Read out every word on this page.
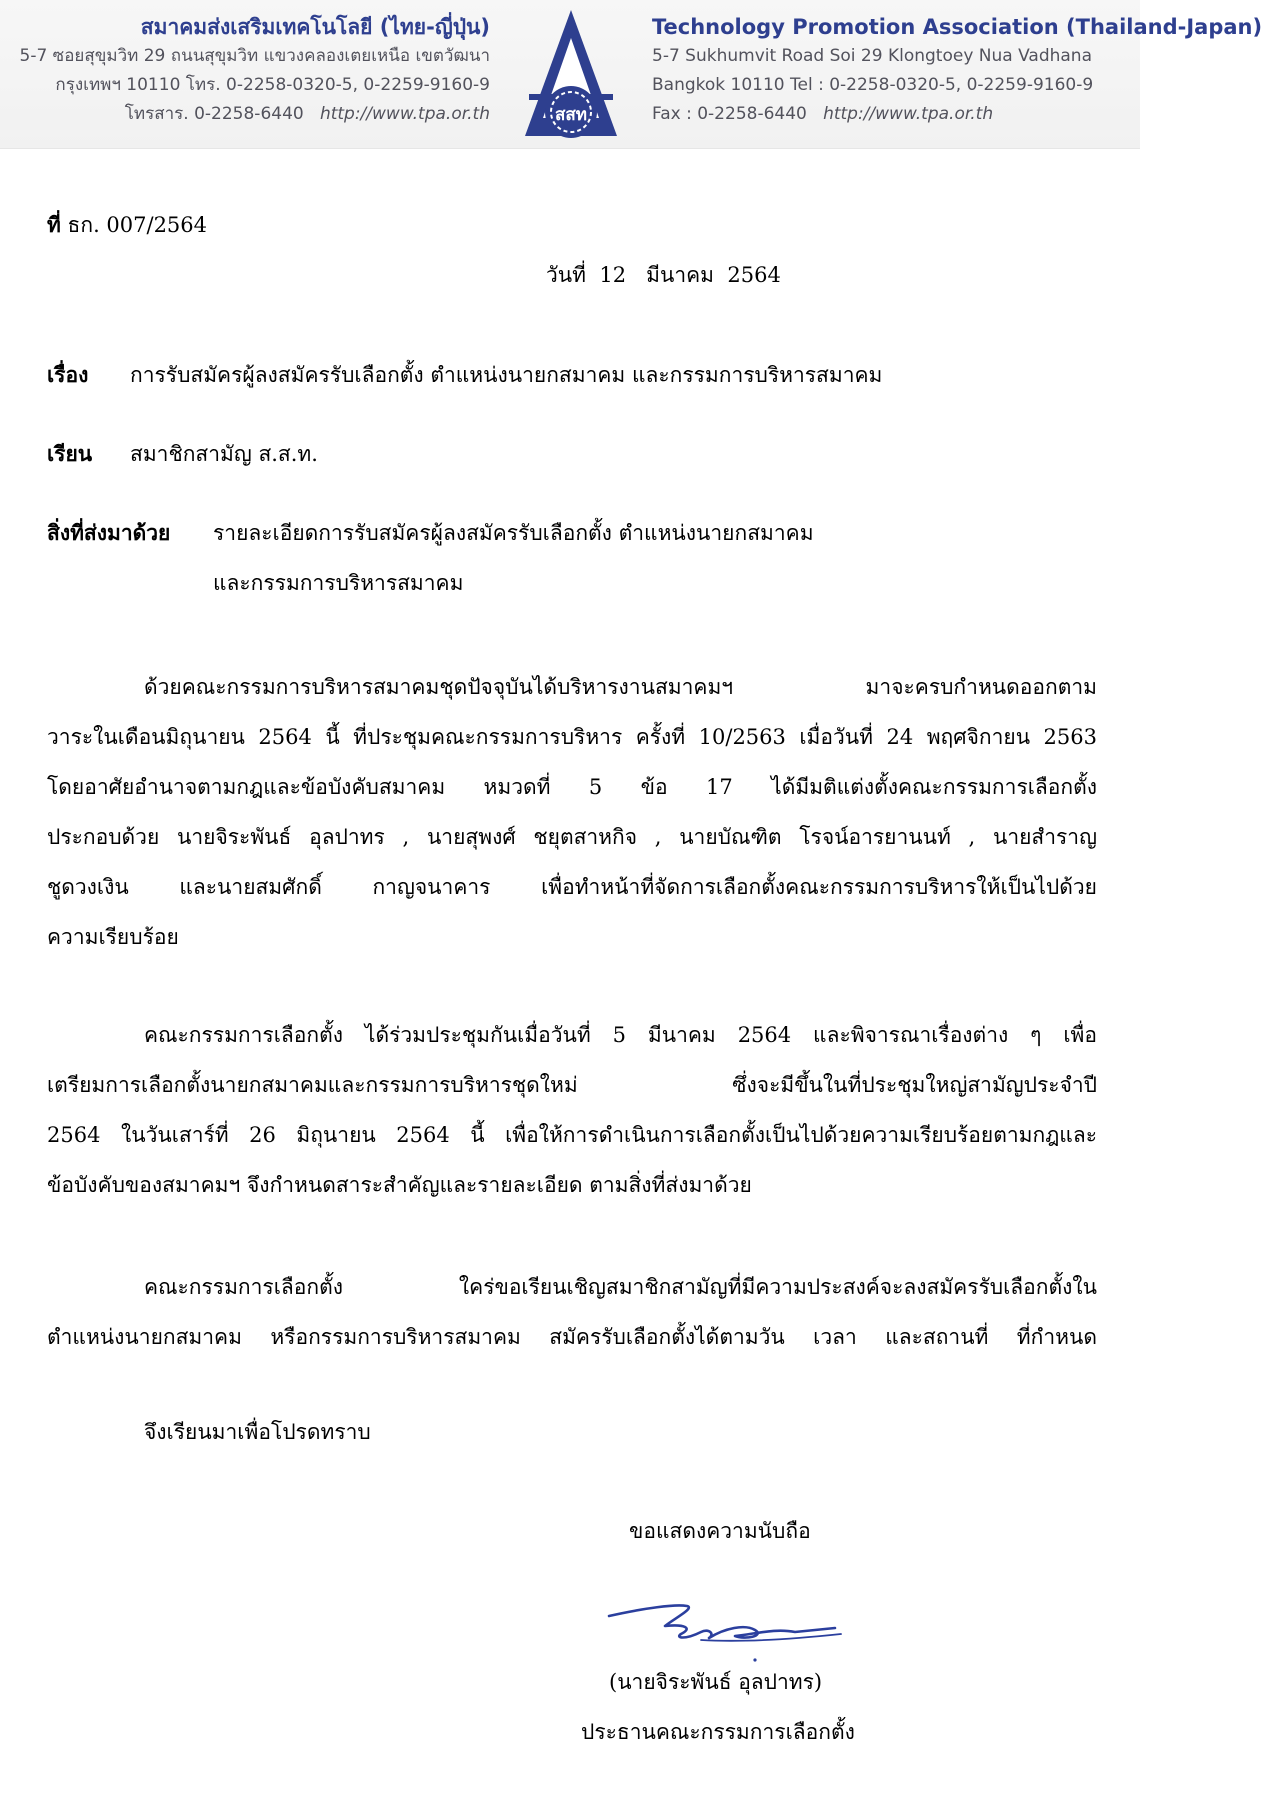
สมาคมส่งเสริมเทคโนโลยี (ไทย-ญี่ปุ่น)
5-7 ซอยสุขุมวิท 29 ถนนสุขุมวิท แขวงคลองเตยเหนือ เขตวัฒนา
กรุงเทพฯ 10110 โทร. 0-2258-0320-5, 0-2259-9160-9
โทรสาร. 0-2258-6440 http://www.tpa.or.th	สสท
Technology Promotion Association (Thailand-Japan)
5-7 Sukhumvit Road Soi 29 Klongtoey Nua Vadhana
Bangkok 10110 Tel : 0-2258-0320-5, 0-2259-9160-9
Fax : 0-2258-6440 http://www.tpa.or.th
ที่ ธก. 007/2564
วันที่ 12 มีนาคม 2564
เรื่อง การรับสมัครผู้ลงสมัครรับเลือกตั้ง ตำแหน่งนายกสมาคม และกรรมการบริหารสมาคม
เรียน สมาชิกสามัญ ส.ส.ท.
สิ่งที่ส่งมาด้วย รายละเอียดการรับสมัครผู้ลงสมัครรับเลือกตั้ง ตำแหน่งนายกสมาคม
และกรรมการบริหารสมาคม
ด้วยคณะกรรมการบริหารสมาคมชุดปัจจุบันได้บริหารงานสมาคมฯ มาจะครบกำหนดออกตาม
วาระในเดือนมิถุนายน 2564 นี้ ที่ประชุมคณะกรรมการบริหาร ครั้งที่ 10/2563 เมื่อวันที่ 24 พฤศจิกายน 2563
โดยอาศัยอำนาจตามกฎและข้อบังคับสมาคม หมวดที่ 5 ข้อ 17 ได้มีมติแต่งตั้งคณะกรรมการเลือกตั้ง
ประกอบด้วย นายจิระพันธ์ อุลปาทร , นายสุพงศ์ ชยุตสาหกิจ , นายบัณฑิต โรจน์อารยานนท์ , นายสำราญ
ชูดวงเงิน และนายสมศักดิ์ กาญจนาคาร เพื่อทำหน้าที่จัดการเลือกตั้งคณะกรรมการบริหารให้เป็นไปด้วย
ความเรียบร้อย
คณะกรรมการเลือกตั้ง ได้ร่วมประชุมกันเมื่อวันที่ 5 มีนาคม 2564 และพิจารณาเรื่องต่าง ๆ เพื่อ
เตรียมการเลือกตั้งนายกสมาคมและกรรมการบริหารชุดใหม่ ซึ่งจะมีขึ้นในที่ประชุมใหญ่สามัญประจำปี
2564 ในวันเสาร์ที่ 26 มิถุนายน 2564 นี้ เพื่อให้การดำเนินการเลือกตั้งเป็นไปด้วยความเรียบร้อยตามกฎและ
ข้อบังคับของสมาคมฯ จึงกำหนดสาระสำคัญและรายละเอียด ตามสิ่งที่ส่งมาด้วย
คณะกรรมการเลือกตั้ง ใคร่ขอเรียนเชิญสมาชิกสามัญที่มีความประสงค์จะลงสมัครรับเลือกตั้งใน
ตำแหน่งนายกสมาคม หรือกรรมการบริหารสมาคม สมัครรับเลือกตั้งได้ตามวัน เวลา และสถานที่ ที่กำหนด
จึงเรียนมาเพื่อโปรดทราบ
ขอแสดงความนับถือ
(นายจิระพันธ์ อุลปาทร)
ประธานคณะกรรมการเลือกตั้ง
